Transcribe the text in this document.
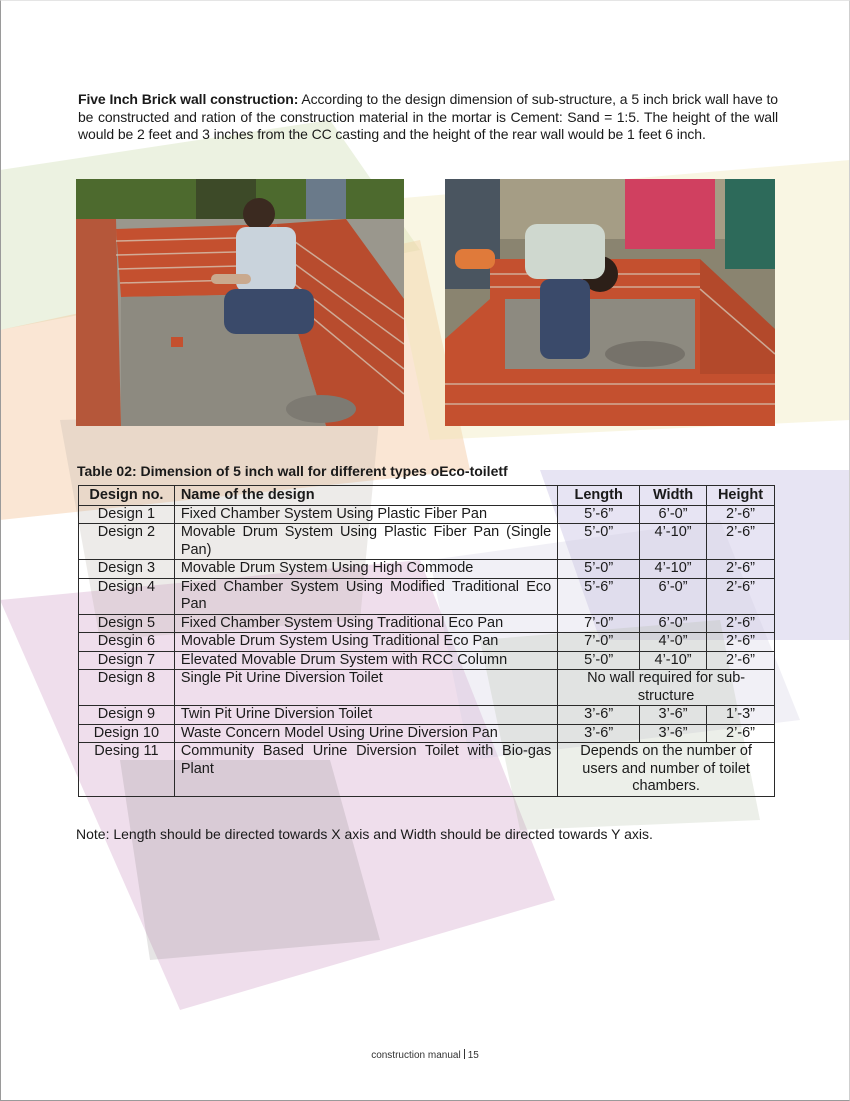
Five Inch Brick wall construction: According to the design dimension of sub-structure, a 5 inch brick wall have to be constructed and ration of the construction material in the mortar is Cement: Sand = 1:5. The height of the wall would be 2 feet and 3 inches from the CC casting and the height of the rear wall would be 1 feet 6 inch.
Table 02: Dimension of 5 inch wall for different types oEco-toiletf
Design no.	Name of the design	Length	Width	Height
Design 1	Fixed Chamber System Using Plastic Fiber Pan	5’-6”	6’-0”	2’-6”
Design 2	Movable Drum System Using Plastic Fiber Pan (Single Pan)	5’-0”	4’-10”	2’-6”
Design 3	Movable Drum System Using High Commode	5’-0”	4’-10”	2’-6”
Design 4	Fixed Chamber System Using Modified Traditional Eco Pan	5’-6”	6’-0”	2’-6”
Design 5	Fixed Chamber System Using Traditional Eco Pan	7’-0”	6’-0”	2’-6”
Desgin 6	Movable Drum System Using Traditional Eco Pan	7’-0”	4’-0”	2’-6”
Design 7	Elevated Movable Drum System with RCC Column	5’-0”	4’-10”	2’-6”
Design 8	Single Pit Urine Diversion Toilet	No wall required for sub-structure		
Design 9	Twin Pit Urine Diversion Toilet	3’-6”	3’-6”	1’-3”
Design 10	Waste Concern Model Using Urine Diversion Pan	3’-6”	3’-6”	2’-6”
Desing 11	Community Based Urine Diversion Toilet with Bio-gas Plant	Depends on the number of users and number of toilet chambers.		
Note: Length should be directed towards X axis and Width should be directed towards Y axis.
construction manual 15
